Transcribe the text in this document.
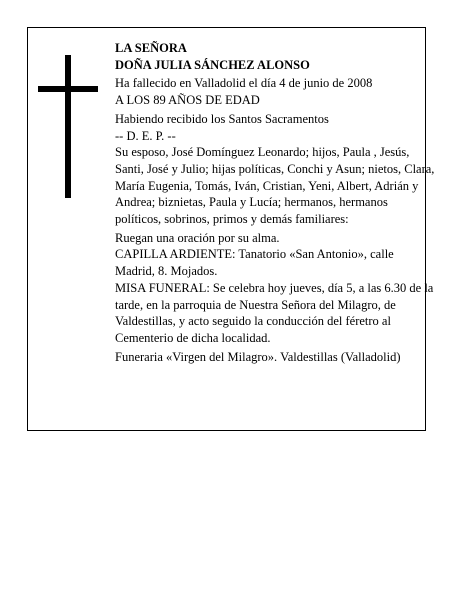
LA SEÑORA

DOÑA JULIA SÁNCHEZ ALONSO

Ha fallecido en Valladolid el día 4 de junio de 2008

A LOS 89 AÑOS DE EDAD

Habiendo recibido los Santos Sacramentos

-- D. E. P. --

Su esposo, José Domínguez Leonardo; hijos, Paula , Jesús, Santi, José y Julio; hijas políticas, Conchi y Asun; nietos, Clara, María Eugenia, Tomás, Iván, Cristian, Yeni, Albert, Adrián y Andrea; biznietas, Paula y Lucía; hermanos, hermanos políticos, sobrinos, primos y demás familiares:

Ruegan una oración por su alma.

CAPILLA ARDIENTE: Tanatorio «San Antonio», calle Madrid, 8. Mojados.

MISA FUNERAL: Se celebra hoy jueves, día 5, a las 6.30 de la tarde, en la parroquia de Nuestra Señora del Milagro, de Valdestillas, y acto seguido la conducción del féretro al Cementerio de dicha localidad.

Funeraria «Virgen del Milagro». Valdestillas (Valladolid)
